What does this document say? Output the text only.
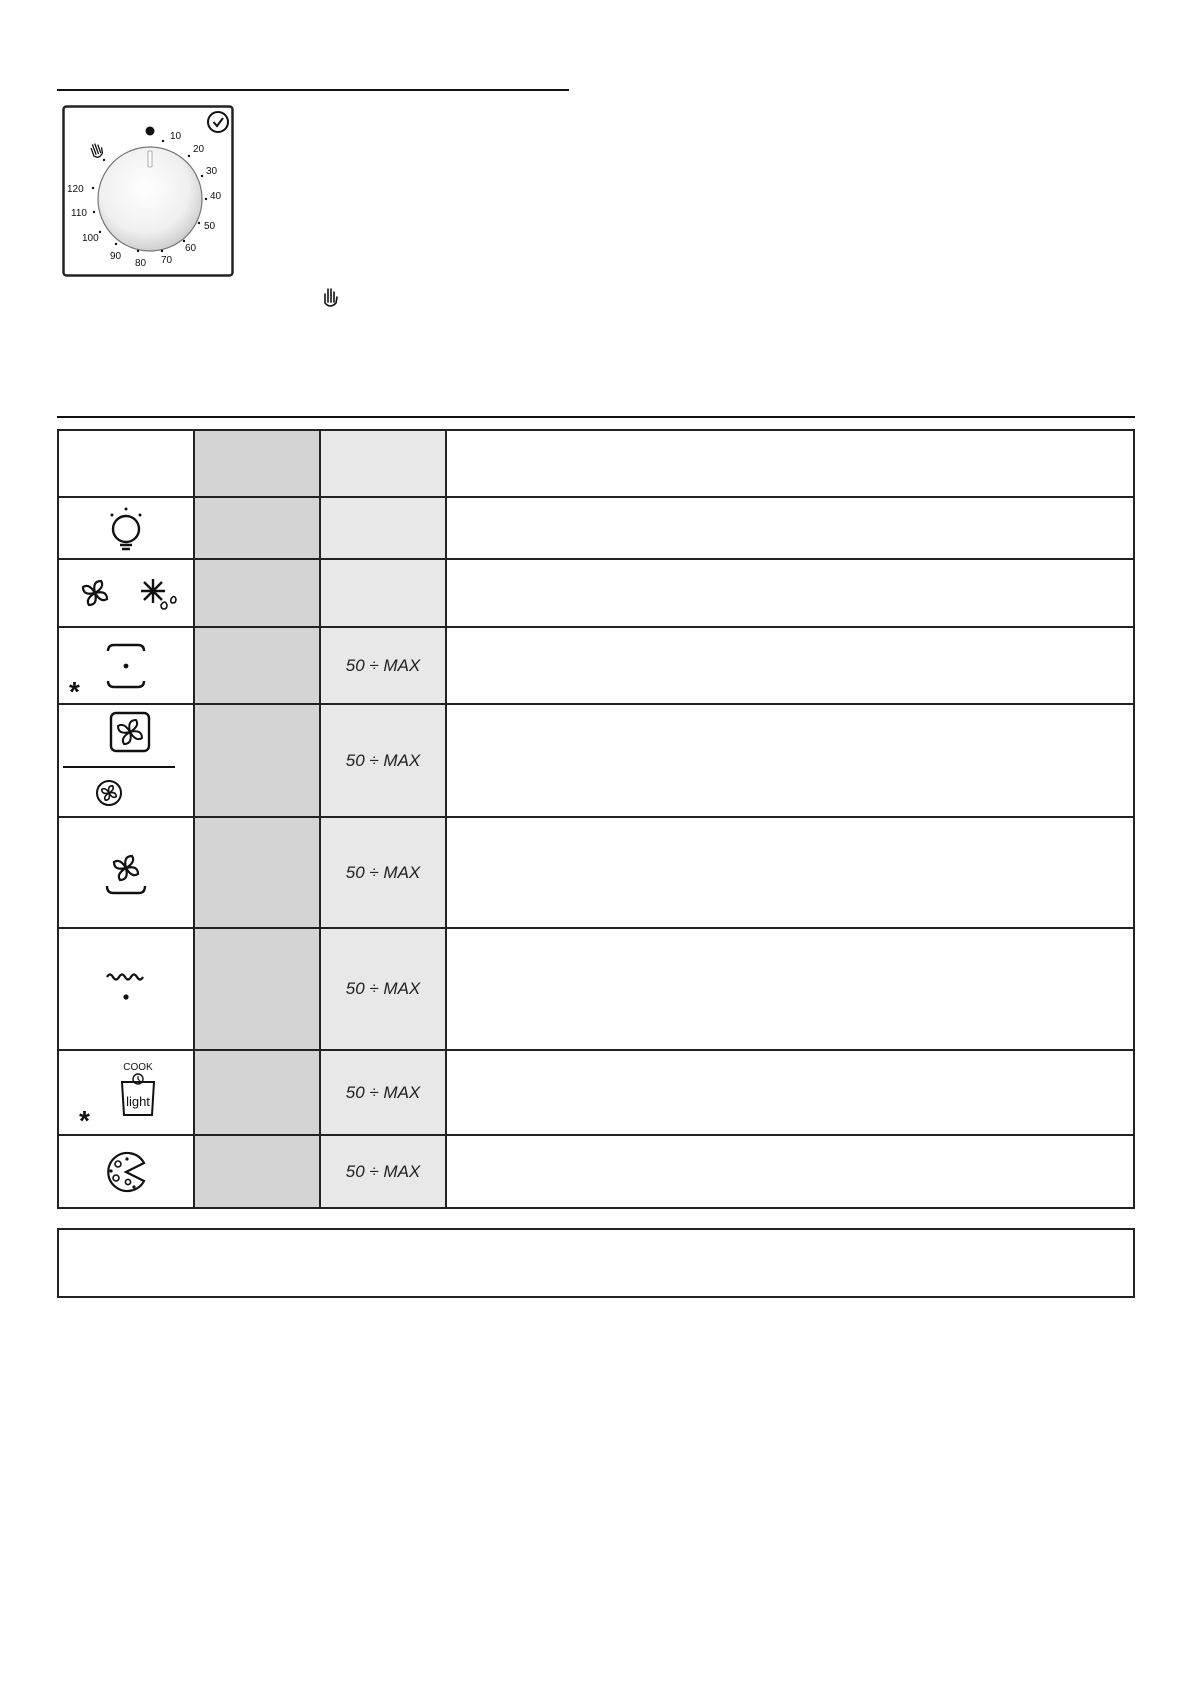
10
20
30
40
50
60
70
80
90
100
110
120

*		50 ÷ MAX	
		50 ÷ MAX	
		50 ÷ MAX	
		50 ÷ MAX	

*
COOK
light		50 ÷ MAX	
		50 ÷ MAX	
